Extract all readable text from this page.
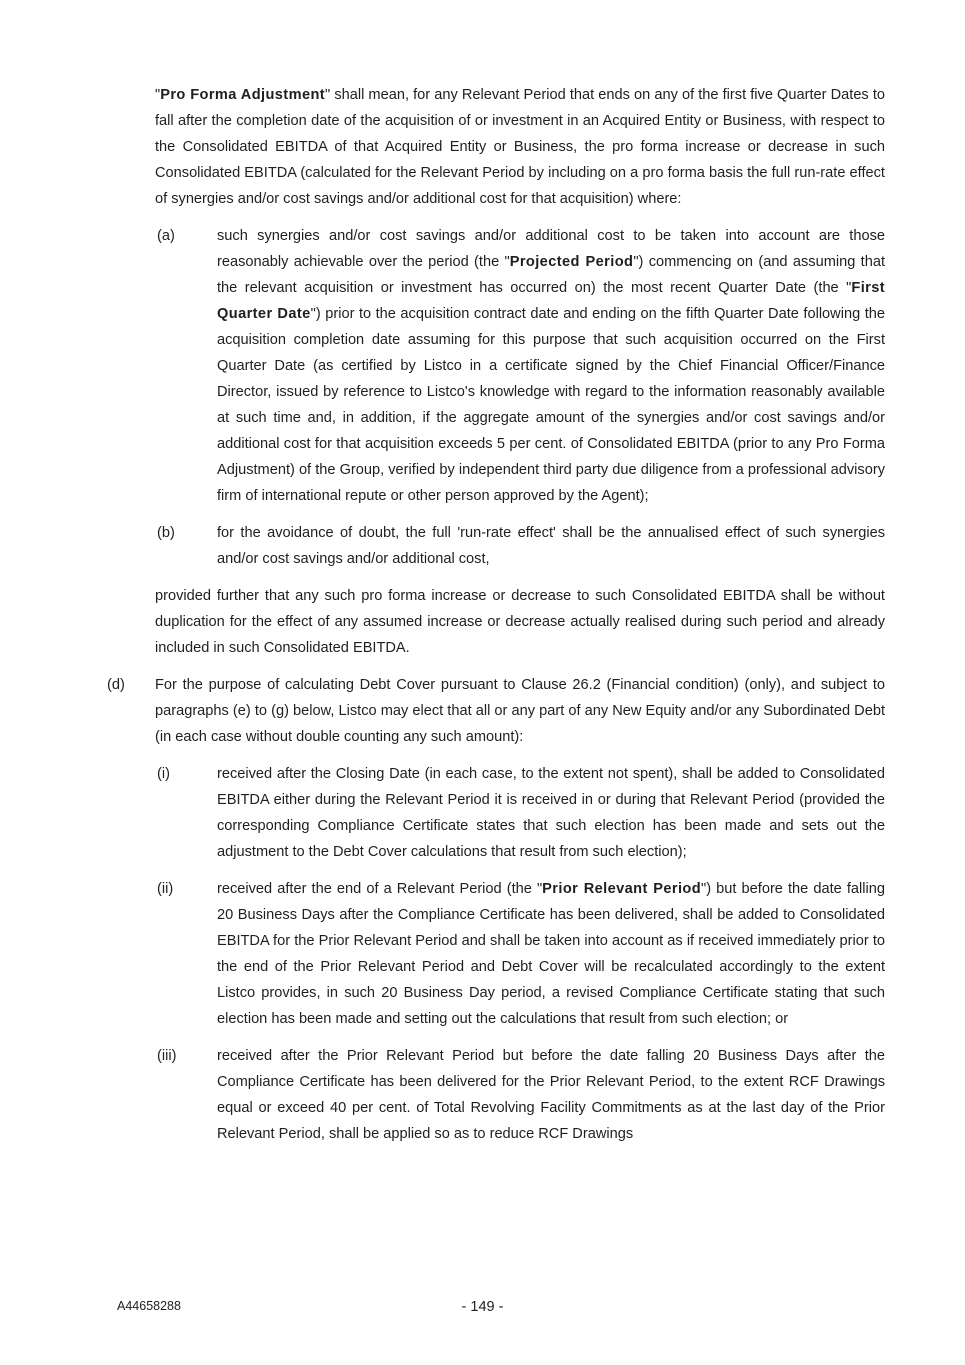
"Pro Forma Adjustment" shall mean, for any Relevant Period that ends on any of the first five Quarter Dates to fall after the completion date of the acquisition of or investment in an Acquired Entity or Business, with respect to the Consolidated EBITDA of that Acquired Entity or Business, the pro forma increase or decrease in such Consolidated EBITDA (calculated for the Relevant Period by including on a pro forma basis the full run-rate effect of synergies and/or cost savings and/or additional cost for that acquisition) where:
(a)	such synergies and/or cost savings and/or additional cost to be taken into account are those reasonably achievable over the period (the "Projected Period") commencing on (and assuming that the relevant acquisition or investment has occurred on) the most recent Quarter Date (the "First Quarter Date") prior to the acquisition contract date and ending on the fifth Quarter Date following the acquisition completion date assuming for this purpose that such acquisition occurred on the First Quarter Date (as certified by Listco in a certificate signed by the Chief Financial Officer/Finance Director, issued by reference to Listco's knowledge with regard to the information reasonably available at such time and, in addition, if the aggregate amount of the synergies and/or cost savings and/or additional cost for that acquisition exceeds 5 per cent. of Consolidated EBITDA (prior to any Pro Forma Adjustment) of the Group, verified by independent third party due diligence from a professional advisory firm of international repute or other person approved by the Agent);
(b)	for the avoidance of doubt, the full 'run-rate effect' shall be the annualised effect of such synergies and/or cost savings and/or additional cost,
provided further that any such pro forma increase or decrease to such Consolidated EBITDA shall be without duplication for the effect of any assumed increase or decrease actually realised during such period and already included in such Consolidated EBITDA.
(d) For the purpose of calculating Debt Cover pursuant to Clause 26.2 (Financial condition) (only), and subject to paragraphs (e) to (g) below, Listco may elect that all or any part of any New Equity and/or any Subordinated Debt (in each case without double counting any such amount):
(i)	received after the Closing Date (in each case, to the extent not spent), shall be added to Consolidated EBITDA either during the Relevant Period it is received in or during that Relevant Period (provided the corresponding Compliance Certificate states that such election has been made and sets out the adjustment to the Debt Cover calculations that result from such election);
(ii)	received after the end of a Relevant Period (the "Prior Relevant Period") but before the date falling 20 Business Days after the Compliance Certificate has been delivered, shall be added to Consolidated EBITDA for the Prior Relevant Period and shall be taken into account as if received immediately prior to the end of the Prior Relevant Period and Debt Cover will be recalculated accordingly to the extent Listco provides, in such 20 Business Day period, a revised Compliance Certificate stating that such election has been made and setting out the calculations that result from such election; or
(iii)	received after the Prior Relevant Period but before the date falling 20 Business Days after the Compliance Certificate has been delivered for the Prior Relevant Period, to the extent RCF Drawings equal or exceed 40 per cent. of Total Revolving Facility Commitments as at the last day of the Prior Relevant Period, shall be applied so as to reduce RCF Drawings
A44658288	- 149 -
